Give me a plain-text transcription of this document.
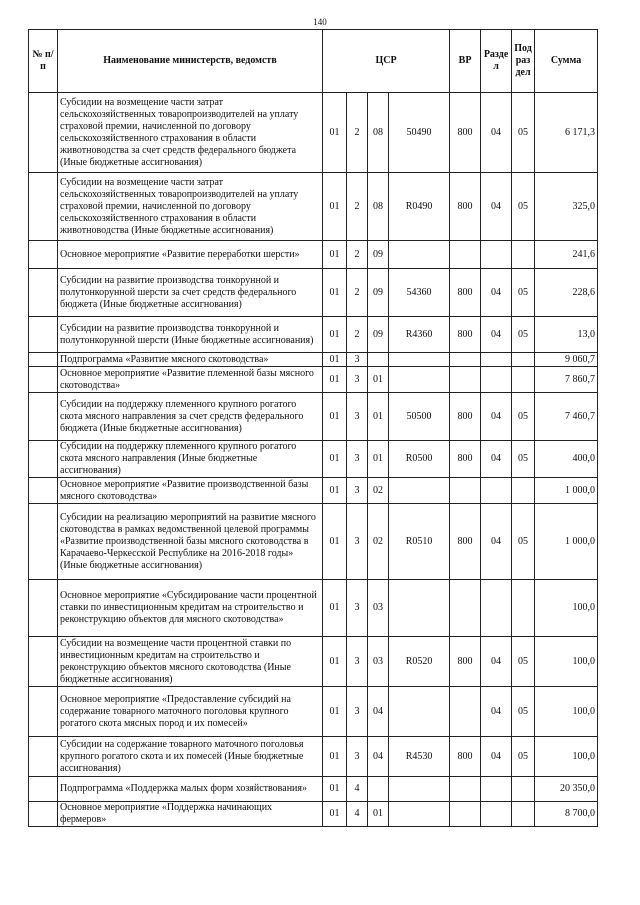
140
№ п/п	Наименование министерств, ведомств	ЦСР				ВР	Разде л	Под раз дел	Сумма
	Субсидии на возмещение части затрат сельскохозяйственных товаропроизводителей на уплату страховой премии, начисленной по договору сельскохозяйственного страхования в области животноводства за счет средств федерального бюджета (Иные бюджетные ассигнования)	01	2	08	50490	800	04	05	6 171,3
	Субсидии на возмещение части затрат сельскохозяйственных товаропроизводителей на уплату страховой премии, начисленной по договору сельскохозяйственного страхования в области животноводства (Иные бюджетные ассигнования)	01	2	08	R0490	800	04	05	325,0
	Основное мероприятие «Развитие переработки шерсти»	01	2	09					241,6
	Субсидии на развитие производства тонкорунной и полутонкорунной шерсти за счет средств федерального бюджета (Иные бюджетные ассигнования)	01	2	09	54360	800	04	05	228,6
	Субсидии на развитие производства тонкорунной и полутонкорунной шерсти (Иные бюджетные ассигнования)	01	2	09	R4360	800	04	05	13,0
	Подпрограмма «Развитие мясного скотоводства»	01	3						9 060,7
	Основное мероприятие «Развитие племенной базы мясного скотоводства»	01	3	01					7 860,7
	Субсидии на поддержку племенного крупного рогатого скота мясного направления за счет средств федерального бюджета (Иные бюджетные ассигнования)	01	3	01	50500	800	04	05	7 460,7
	Субсидии на поддержку племенного крупного рогатого скота мясного направления (Иные бюджетные ассигнования)	01	3	01	R0500	800	04	05	400,0
	Основное мероприятие «Развитие производственной базы мясного скотоводства»	01	3	02					1 000,0
	Субсидии на реализацию мероприятий на развитие мясного скотоводства в рамках ведомственной целевой программы «Развитие производственной базы мясного скотоводства в Карачаево-Черкесской Республике на 2016-2018 годы» (Иные бюджетные ассигнования)	01	3	02	R0510	800	04	05	1 000,0
	Основное мероприятие «Субсидирование части процентной ставки по инвестиционным кредитам на строительство и реконструкцию объектов для мясного скотоводства»	01	3	03					100,0
	Субсидии на возмещение части процентной ставки по инвестиционным кредитам на строительство и реконструкцию объектов мясного скотоводства (Иные бюджетные ассигнования)	01	3	03	R0520	800	04	05	100,0
	Основное мероприятие «Предоставление субсидий на содержание товарного маточного поголовья крупного рогатого скота мясных пород и их помесей»	01	3	04			04	05	100,0
	Субсидии на содержание товарного маточного поголовья крупного рогатого скота и их помесей (Иные бюджетные ассигнования)	01	3	04	R4530	800	04	05	100,0
	Подпрограмма «Поддержка малых форм хозяйствования»	01	4						20 350,0
	Основное мероприятие «Поддержка начинающих фермеров»	01	4	01					8 700,0
